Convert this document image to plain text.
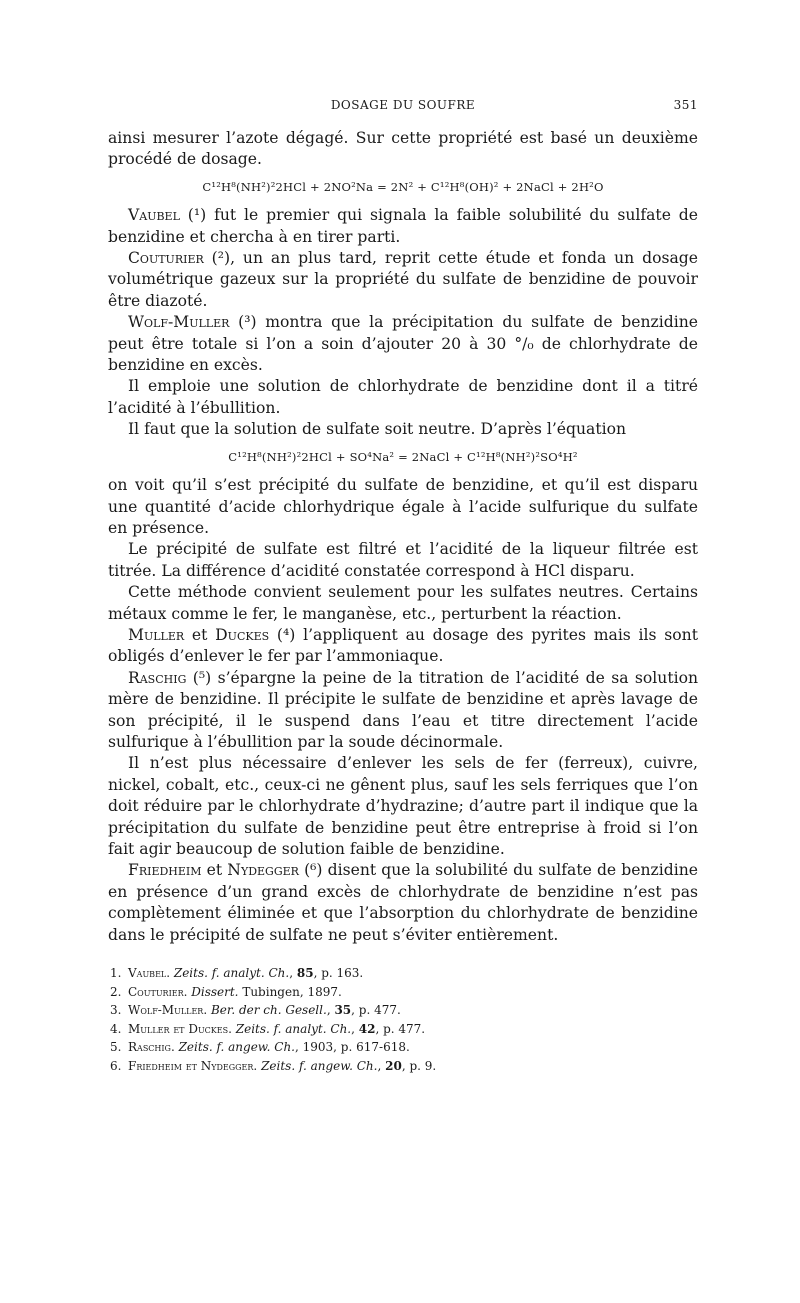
DOSAGE DU SOUFRE	351

ainsi mesurer l’azote dégagé. Sur cette propriété est basé un deuxième procédé de dosage.

C¹²H⁸(NH²)²2HCl + 2NO²Na = 2N² + C¹²H⁸(OH)² + 2NaCl + 2H²O

Vaubel (¹) fut le premier qui signala la faible solubilité du sulfate de benzidine et chercha à en tirer parti.

Couturier (²), un an plus tard, reprit cette étude et fonda un dosage volumétrique gazeux sur la propriété du sulfate de benzidine de pouvoir être diazoté.

Wolf-Muller (³) montra que la précipitation du sulfate de benzidine peut être totale si l’on a soin d’ajouter 20 à 30 °/₀ de chlorhydrate de benzidine en excès.

Il emploie une solution de chlorhydrate de benzidine dont il a titré l’acidité à l’ébullition.

Il faut que la solution de sulfate soit neutre. D’après l’équation

C¹²H⁸(NH²)²2HCl + SO⁴Na² = 2NaCl + C¹²H⁸(NH²)²SO⁴H²

on voit qu’il s’est précipité du sulfate de benzidine, et qu’il est disparu une quantité d’acide chlorhydrique égale à l’acide sulfurique du sulfate en présence.

Le précipité de sulfate est filtré et l’acidité de la liqueur filtrée est titrée. La différence d’acidité constatée correspond à HCl disparu.

Cette méthode convient seulement pour les sulfates neutres. Certains métaux comme le fer, le manganèse, etc., perturbent la réaction.

Muller et Duckes (⁴) l’appliquent au dosage des pyrites mais ils sont obligés d’enlever le fer par l’ammoniaque.

Raschig (⁵) s’épargne la peine de la titration de l’acidité de sa solution mère de benzidine. Il précipite le sulfate de benzidine et après lavage de son précipité, il le suspend dans l’eau et titre directement l’acide sulfurique à l’ébullition par la soude décinormale.

Il n’est plus nécessaire d’enlever les sels de fer (ferreux), cuivre, nickel, cobalt, etc., ceux-ci ne gênent plus, sauf les sels ferriques que l’on doit réduire par le chlorhydrate d’hydrazine; d’autre part il indique que la précipitation du sulfate de benzidine peut être entreprise à froid si l’on fait agir beaucoup de solution faible de benzidine.

Friedheim et Nydegger (⁶) disent que la solubilité du sulfate de benzidine en présence d’un grand excès de chlorhydrate de benzidine n’est pas complètement éliminée et que l’absorption du chlorhydrate de benzidine dans le précipité de sulfate ne peut s’éviter entièrement.

1. Vaubel. Zeits. f. analyt. Ch., 85, p. 163.
2. Couturier. Dissert. Tubingen, 1897.
3. Wolf-Muller. Ber. der ch. Gesell., 35, p. 477.
4. Muller et Duckes. Zeits. f. analyt. Ch., 42, p. 477.
5. Raschig. Zeits. f. angew. Ch., 1903, p. 617-618.
6. Friedheim et Nydegger. Zeits. f. angew. Ch., 20, p. 9.
